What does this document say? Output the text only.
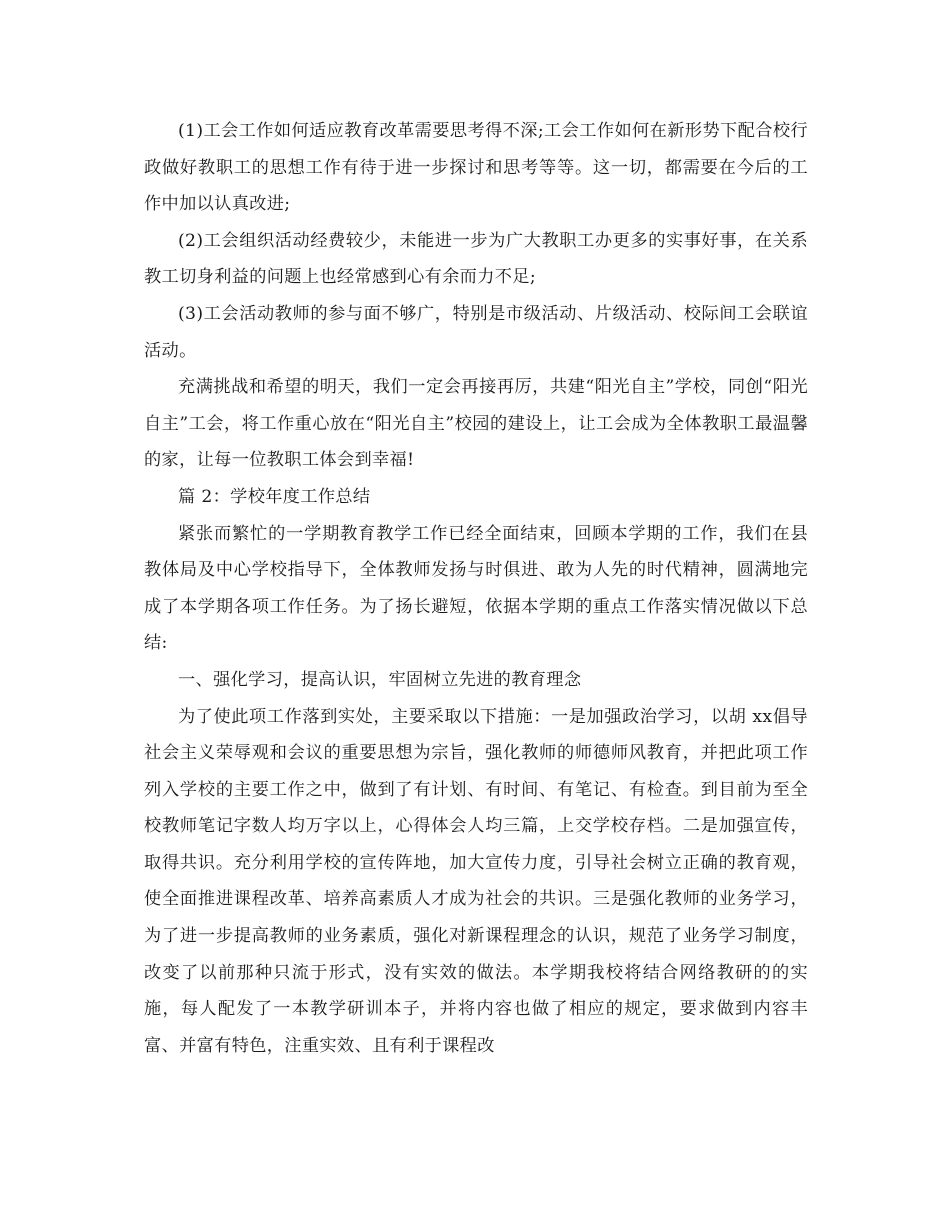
(1)工会工作如何适应教育改革需要思考得不深;工会工作如何在新形势下配合校行政做好教职工的思想工作有待于进一步探讨和思考等等。这一切，都需要在今后的工作中加以认真改进;

(2)工会组织活动经费较少，未能进一步为广大教职工办更多的实事好事，在关系教工切身利益的问题上也经常感到心有余而力不足;

(3)工会活动教师的参与面不够广，特别是市级活动、片级活动、校际间工会联谊活动。

充满挑战和希望的明天，我们一定会再接再厉，共建“阳光自主”学校，同创“阳光自主”工会，将工作重心放在“阳光自主”校园的建设上，让工会成为全体教职工最温馨的家，让每一位教职工体会到幸福!

篇 2：学校年度工作总结

紧张而繁忙的一学期教育教学工作已经全面结束，回顾本学期的工作，我们在县教体局及中心学校指导下，全体教师发扬与时俱进、敢为人先的时代精神，圆满地完成了本学期各项工作任务。为了扬长避短，依据本学期的重点工作落实情况做以下总结:

一、强化学习，提高认识，牢固树立先进的教育理念

为了使此项工作落到实处，主要采取以下措施：一是加强政治学习，以胡 xx倡导社会主义荣辱观和会议的重要思想为宗旨，强化教师的师德师风教育，并把此项工作列入学校的主要工作之中，做到了有计划、有时间、有笔记、有检查。到目前为至全校教师笔记字数人均万字以上，心得体会人均三篇，上交学校存档。二是加强宣传，取得共识。充分利用学校的宣传阵地，加大宣传力度，引导社会树立正确的教育观，使全面推进课程改革、培养高素质人才成为社会的共识。三是强化教师的业务学习，为了进一步提高教师的业务素质，强化对新课程理念的认识，规范了业务学习制度，改变了以前那种只流于形式，没有实效的做法。本学期我校将结合网络教研的的实施，每人配发了一本教学研训本子，并将内容也做了相应的规定，要求做到内容丰富、并富有特色，注重实效、且有利于课程改
